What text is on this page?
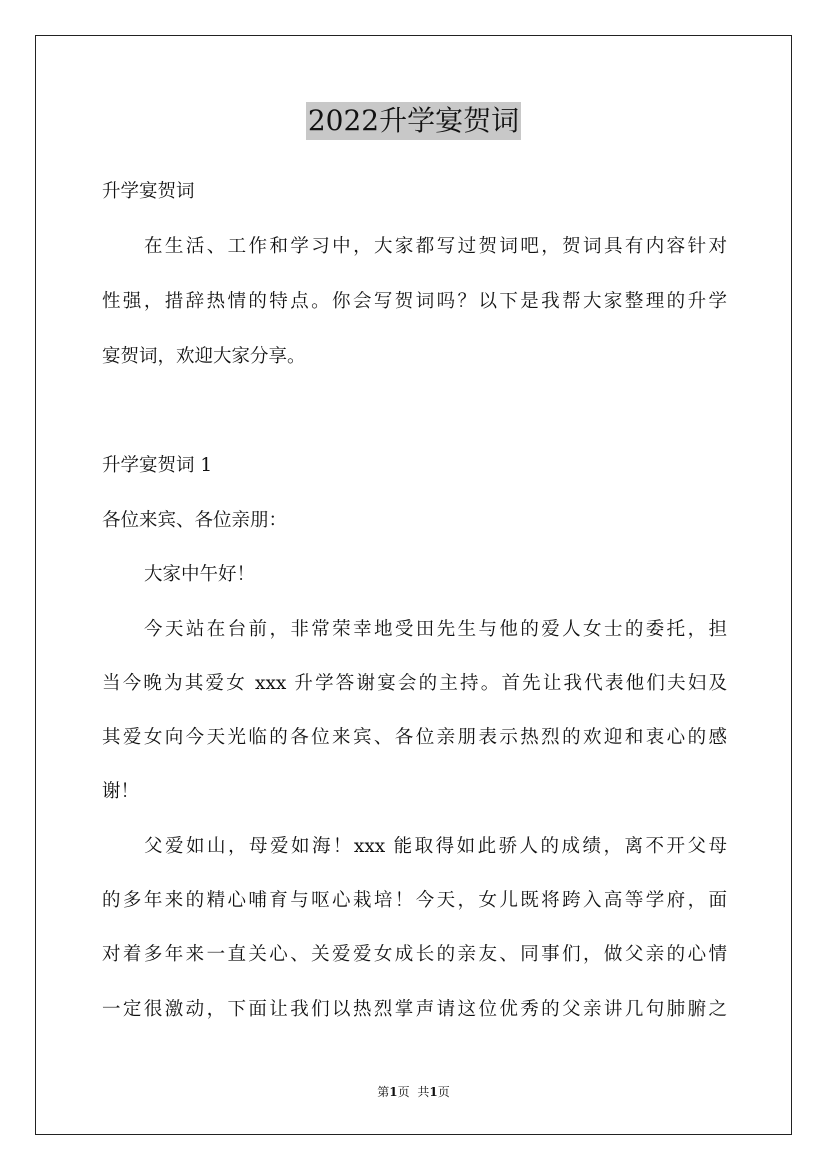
2022升学宴贺词
升学宴贺词
在生活、工作和学习中，大家都写过贺词吧，贺词具有内容针对
性强，措辞热情的特点。你会写贺词吗？以下是我帮大家整理的升学
宴贺词，欢迎大家分享。
升学宴贺词 1
各位来宾、各位亲朋：
大家中午好！
今天站在台前，非常荣幸地受田先生与他的爱人女士的委托，担
当今晚为其爱女 xxx 升学答谢宴会的主持。首先让我代表他们夫妇及
其爱女向今天光临的各位来宾、各位亲朋表示热烈的欢迎和衷心的感
谢！
父爱如山，母爱如海！xxx 能取得如此骄人的成绩，离不开父母
的多年来的精心哺育与呕心栽培！今天，女儿既将跨入高等学府，面
对着多年来一直关心、关爱爱女成长的亲友、同事们，做父亲的心情
一定很激动，下面让我们以热烈掌声请这位优秀的父亲讲几句肺腑之
第1页 共1页
